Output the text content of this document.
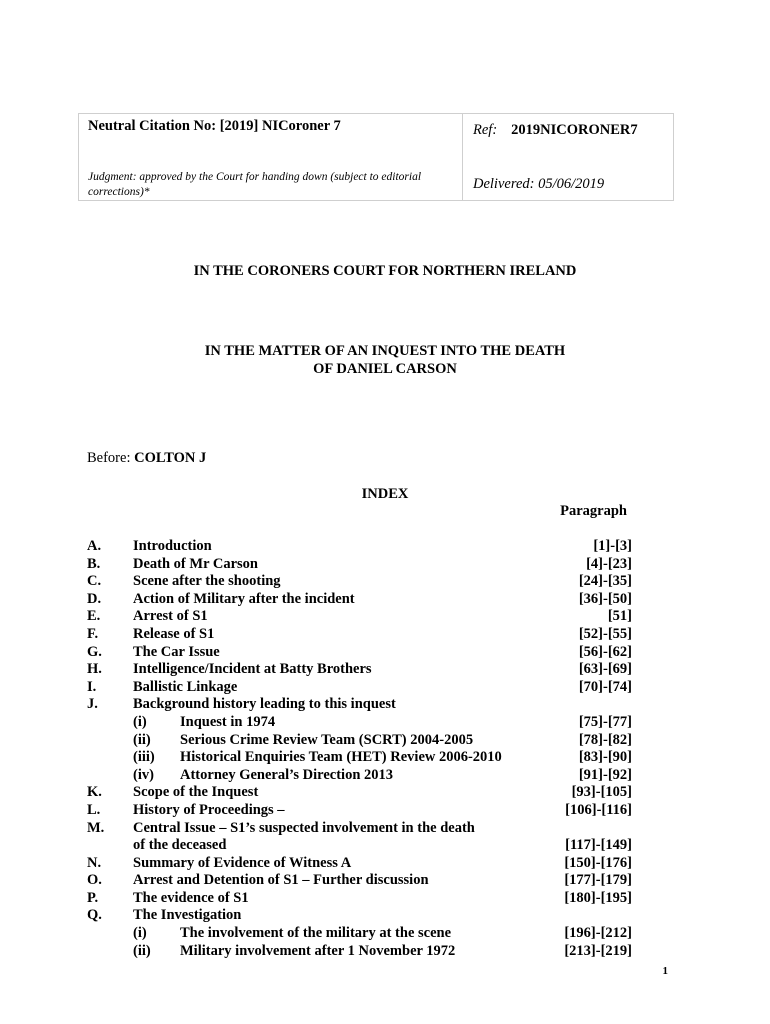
Neutral Citation No: [2019] NICoroner 7
Judgment: approved by the Court for handing down (subject to editorial corrections)*
Ref: 2019NICORONER7
Delivered: 05/06/2019
IN THE CORONERS COURT FOR NORTHERN IRELAND
IN THE MATTER OF AN INQUEST INTO THE DEATH
OF DANIEL CARSON
Before: COLTON J
INDEX
Paragraph
A. Introduction	[1]-[3]
B. Death of Mr Carson	[4]-[23]
C. Scene after the shooting	[24]-[35]
D. Action of Military after the incident	[36]-[50]
E. Arrest of S1	[51]
F. Release of S1	[52]-[55]
G. The Car Issue	[56]-[62]
H. Intelligence/Incident at Batty Brothers	[63]-[69]
I.	Ballistic Linkage	[70]-[74]
J. Background history leading to this inquest
(i) Inquest in 1974	[75]-[77]
(ii) Serious Crime Review Team (SCRT) 2004-2005	[78]-[82]
(iii) Historical Enquiries Team (HET) Review 2006-2010	[83]-[90]
(iv) Attorney General’s Direction 2013	[91]-[92]
K. Scope of the Inquest	[93]-[105]
L. History of Proceedings –	[106]-[116]
M. Central Issue – S1’s suspected involvement in the death
of the deceased	[117]-[149]
N. Summary of Evidence of Witness A	[150]-[176]
O. Arrest and Detention of S1 – Further discussion	[177]-[179]
P. The evidence of S1	[180]-[195]
Q. The Investigation
(i) The involvement of the military at the scene	[196]-[212]
(ii) Military involvement after 1 November 1972	[213]-[219]
1
